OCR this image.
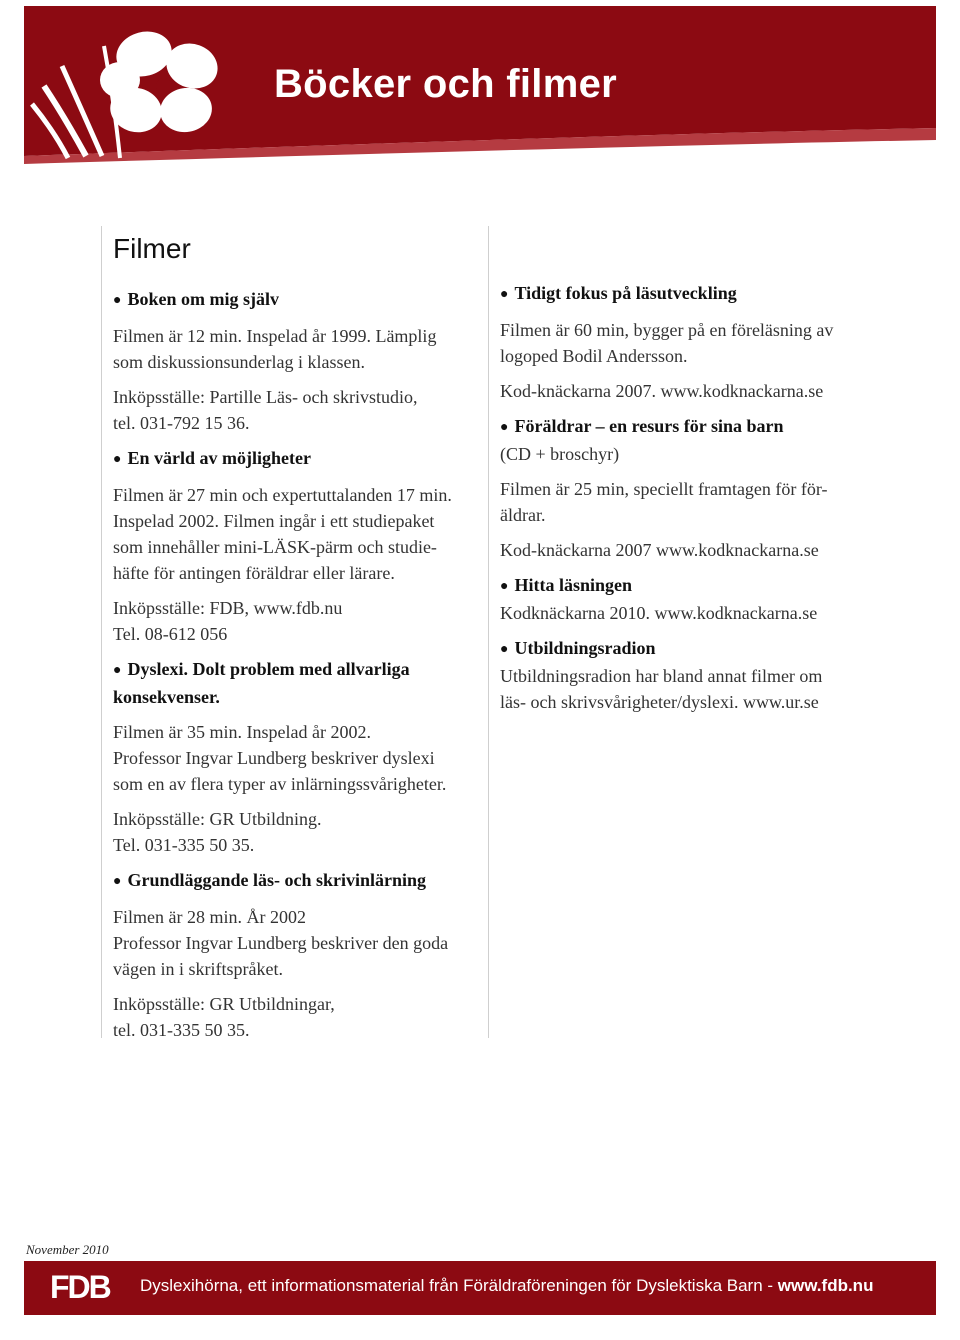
Böcker och filmer
Filmer
● Boken om mig själv
Filmen är 12 min. Inspelad år 1999. Lämplig
som diskussionsunderlag i klassen.
Inköpsställe: Partille Läs- och skrivstudio,
tel. 031-792 15 36.
● En värld av möjligheter
Filmen är 27 min och expertuttalanden 17 min.
Inspelad 2002. Filmen ingår i ett studiepaket
som innehåller mini-LÄSK-pärm och studie-
häfte för antingen föräldrar eller lärare.
Inköpsställe: FDB, www.fdb.nu
Tel. 08-612 056
● Dyslexi. Dolt problem med allvarliga konsekvenser.
Filmen är 35 min. Inspelad år 2002.
Professor Ingvar Lundberg beskriver dyslexi
som en av flera typer av inlärningssvårigheter.
Inköpsställe: GR Utbildning.
Tel. 031-335 50 35.
● Grundläggande läs- och skrivinlärning
Filmen är 28 min. År 2002
Professor Ingvar Lundberg beskriver den goda
vägen in i skriftspråket.
Inköpsställe: GR Utbildningar,
tel. 031-335 50 35.
● Tidigt fokus på läsutveckling
Filmen är 60 min, bygger på en föreläsning av
logoped Bodil Andersson.
Kod-knäckarna 2007. www.kodknackarna.se
● Föräldrar – en resurs för sina barn
(CD + broschyr)
Filmen är 25 min, speciellt framtagen för för-
äldrar.
Kod-knäckarna 2007 www.kodknackarna.se
● Hitta läsningen
Kodknäckarna 2010. www.kodknackarna.se
● Utbildningsradion
Utbildningsradion har bland annat filmer om
läs- och skrivsvårigheter/dyslexi. www.ur.se
November 2010
FDB Dyslexihörna, ett informationsmaterial från Föräldraföreningen för Dyslektiska Barn - www.fdb.nu
